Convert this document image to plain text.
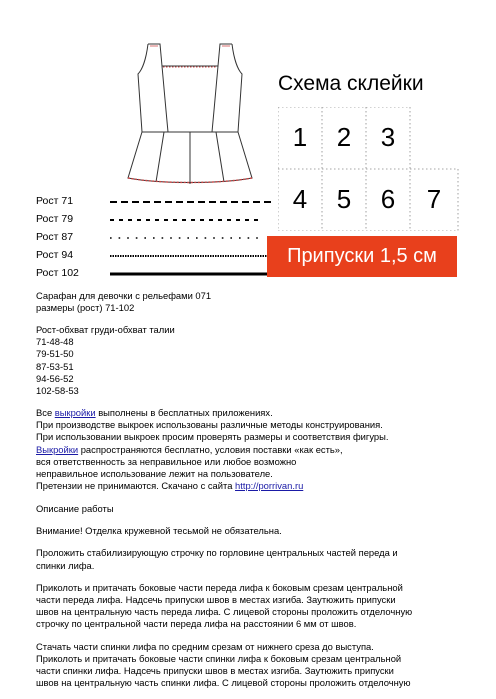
Рост 71
Рост 79
Рост 87
Рост 94
Рост 102
Схема склейки
1	2	3
4	5	6	7
Припуски 1,5 см

Сарафан для девочки с рельефами 071

размеры (рост) 71-102

Рост-обхват груди-обхват талии

71-48-48

79-51-50

87-53-51

94-56-52

102-58-53

Все выкройки выполнены в бесплатных приложениях.

При производстве выкроек использованы различные методы конструирования.

При использовании выкроек просим проверять размеры и соответствия фигуры.

Выкройки распространяются бесплатно, условия поставки «как есть»,

вся ответственность за неправильное или любое возможно

неправильное использование лежит на пользователе.

Претензии не принимаются. Скачано с сайта http://porrivan.ru

Описание работы

Внимание! Отделка кружевной тесьмой не обязательна.

Проложить стабилизирующую строчку по горловине центральных частей переда и

спинки лифа.

Приколоть и притачать боковые части переда лифа к боковым срезам центральной

части переда лифа. Надсечь припуски швов в местах изгиба. Заутюжить припуски

швов на центральную часть переда лифа. С лицевой стороны проложить отделочную

строчку по центральной части переда лифа на расстоянии 6 мм от швов.

Стачать части спинки лифа по средним срезам от нижнего среза до выступа.

Приколоть и притачать боковые части спинки лифа к боковым срезам центральной

части спинки лифа. Надсечь припуски швов в местах изгиба. Заутюжить припуски

швов на центральную часть спинки лифа. С лицевой стороны проложить отделочную
